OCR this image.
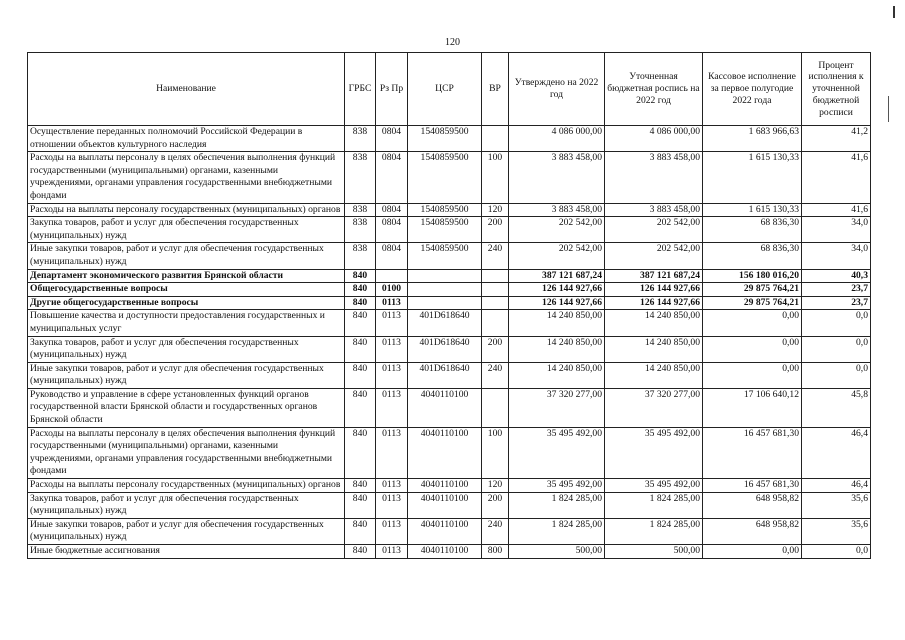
120
Наименование	ГРБС	Рз Пр	ЦСР	ВР	Утверждено на 2022 год	Уточненная бюджетная роспись на 2022 год	Кассовое исполнение за первое полугодие 2022 года	Процент исполнения к уточненной бюджетной росписи
Осуществление переданных полномочий Российской Федерации в отношении объектов культурного наследия	838	0804	1540859500		4 086 000,00	4 086 000,00	1 683 966,63	41,2
Расходы на выплаты персоналу в целях обеспечения выполнения функций государственными (муниципальными) органами, казенными учреждениями, органами управления государственными внебюджетными фондами	838	0804	1540859500	100	3 883 458,00	3 883 458,00	1 615 130,33	41,6
Расходы на выплаты персоналу государственных (муниципальных) органов	838	0804	1540859500	120	3 883 458,00	3 883 458,00	1 615 130,33	41,6
Закупка товаров, работ и услуг для обеспечения государственных (муниципальных) нужд	838	0804	1540859500	200	202 542,00	202 542,00	68 836,30	34,0
Иные закупки товаров, работ и услуг для обеспечения государственных (муниципальных) нужд	838	0804	1540859500	240	202 542,00	202 542,00	68 836,30	34,0
Департамент экономического развития Брянской области	840				387 121 687,24	387 121 687,24	156 180 016,20	40,3
Общегосударственные вопросы	840	0100			126 144 927,66	126 144 927,66	29 875 764,21	23,7
Другие общегосударственные вопросы	840	0113			126 144 927,66	126 144 927,66	29 875 764,21	23,7
Повышение качества и доступности предоставления государственных и муниципальных услуг	840	0113	401D618640		14 240 850,00	14 240 850,00	0,00	0,0
Закупка товаров, работ и услуг для обеспечения государственных (муниципальных) нужд	840	0113	401D618640	200	14 240 850,00	14 240 850,00	0,00	0,0
Иные закупки товаров, работ и услуг для обеспечения государственных (муниципальных) нужд	840	0113	401D618640	240	14 240 850,00	14 240 850,00	0,00	0,0
Руководство и управление в сфере установленных функций органов государственной власти Брянской области и государственных органов Брянской области	840	0113	4040110100		37 320 277,00	37 320 277,00	17 106 640,12	45,8
Расходы на выплаты персоналу в целях обеспечения выполнения функций государственными (муниципальными) органами, казенными учреждениями, органами управления государственными внебюджетными фондами	840	0113	4040110100	100	35 495 492,00	35 495 492,00	16 457 681,30	46,4
Расходы на выплаты персоналу государственных (муниципальных) органов	840	0113	4040110100	120	35 495 492,00	35 495 492,00	16 457 681,30	46,4
Закупка товаров, работ и услуг для обеспечения государственных (муниципальных) нужд	840	0113	4040110100	200	1 824 285,00	1 824 285,00	648 958,82	35,6
Иные закупки товаров, работ и услуг для обеспечения государственных (муниципальных) нужд	840	0113	4040110100	240	1 824 285,00	1 824 285,00	648 958,82	35,6
Иные бюджетные ассигнования	840	0113	4040110100	800	500,00	500,00	0,00	0,0
